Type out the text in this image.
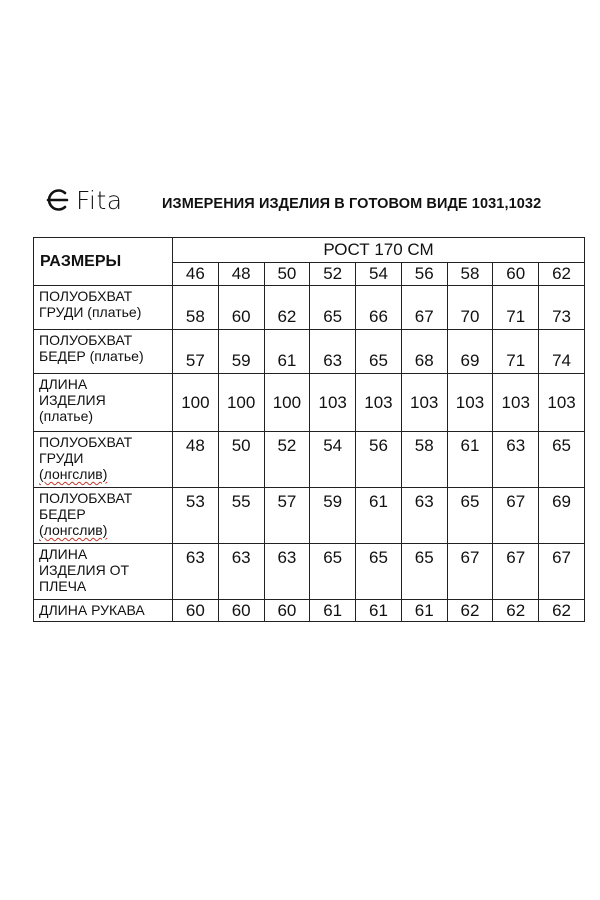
Fita	ИЗМЕРЕНИЯ ИЗДЕЛИЯ В ГОТОВОМ ВИДЕ 1031,1032
РАЗМЕРЫ	РОСТ 170 СМ								
	46	48	50	52	54	56	58	60	62
ПОЛУОБХВАТ
ГРУДИ (платье)	58	60	62	65	66	67	70	71	73
ПОЛУОБХВАТ
БЕДЕР (платье)	57	59	61	63	65	68	69	71	74
ДЛИНА
ИЗДЕЛИЯ
(платье)	100	100	100	103	103	103	103	103	103
ПОЛУОБХВАТ
ГРУДИ
(лонгслив)	48	50	52	54	56	58	61	63	65
ПОЛУОБХВАТ
БЕДЕР
(лонгслив)	53	55	57	59	61	63	65	67	69
ДЛИНА
ИЗДЕЛИЯ ОТ
ПЛЕЧА	63	63	63	65	65	65	67	67	67
ДЛИНА РУКАВА	60	60	60	61	61	61	62	62	62
